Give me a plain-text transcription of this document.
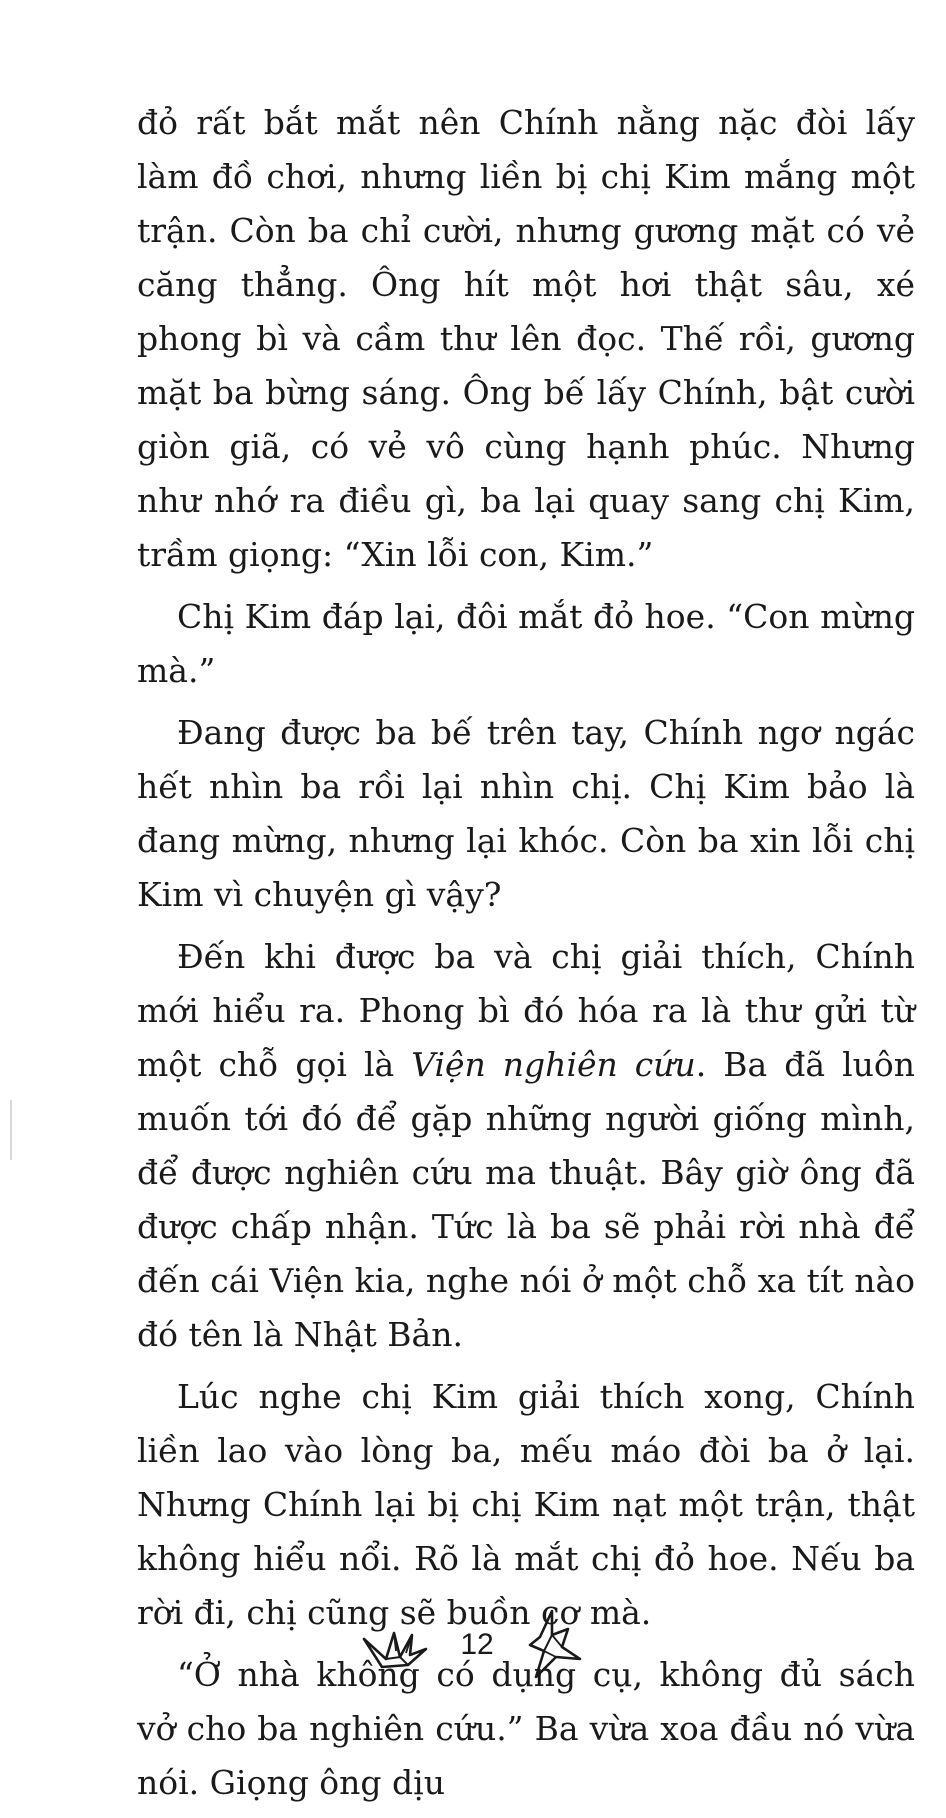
đỏ rất bắt mắt nên Chính nằng nặc đòi lấy làm đồ chơi, nhưng liền bị chị Kim mắng một trận. Còn ba chỉ cười, nhưng gương mặt có vẻ căng thẳng. Ông hít một hơi thật sâu, xé phong bì và cầm thư lên đọc. Thế rồi, gương mặt ba bừng sáng. Ông bế lấy Chính, bật cười giòn giã, có vẻ vô cùng hạnh phúc. Nhưng như nhớ ra điều gì, ba lại quay sang chị Kim, trầm giọng: “Xin lỗi con, Kim.”

Chị Kim đáp lại, đôi mắt đỏ hoe. “Con mừng mà.”

Đang được ba bế trên tay, Chính ngơ ngác hết nhìn ba rồi lại nhìn chị. Chị Kim bảo là đang mừng, nhưng lại khóc. Còn ba xin lỗi chị Kim vì chuyện gì vậy?

Đến khi được ba và chị giải thích, Chính mới hiểu ra. Phong bì đó hóa ra là thư gửi từ một chỗ gọi là Viện nghiên cứu. Ba đã luôn muốn tới đó để gặp những người giống mình, để được nghiên cứu ma thuật. Bây giờ ông đã được chấp nhận. Tức là ba sẽ phải rời nhà để đến cái Viện kia, nghe nói ở một chỗ xa tít nào đó tên là Nhật Bản.

Lúc nghe chị Kim giải thích xong, Chính liền lao vào lòng ba, mếu máo đòi ba ở lại. Nhưng Chính lại bị chị Kim nạt một trận, thật không hiểu nổi. Rõ là mắt chị đỏ hoe. Nếu ba rời đi, chị cũng sẽ buồn cơ mà.

“Ở nhà không có dụng cụ, không đủ sách vở cho ba nghiên cứu.” Ba vừa xoa đầu nó vừa nói. Giọng ông dịu

12
